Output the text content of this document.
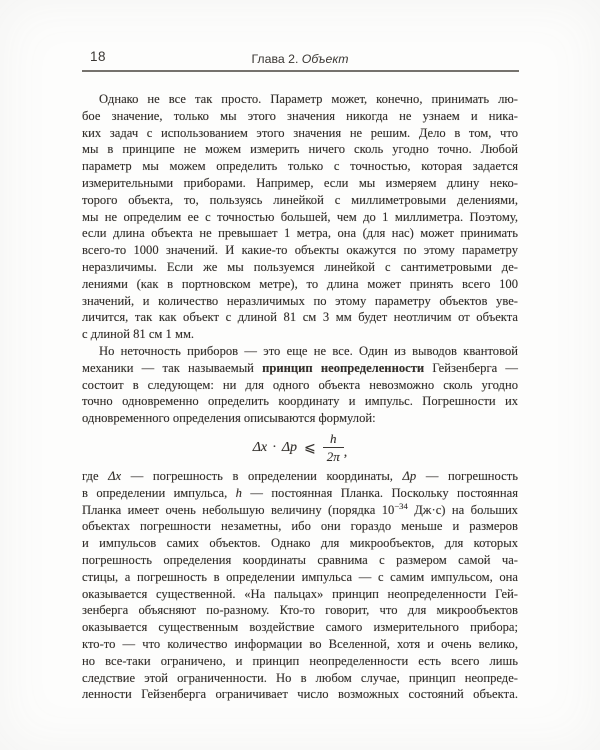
18	Глава 2. Объект
Однако не все так просто. Параметр может, конечно, принимать лю-
бое значение, только мы этого значения никогда не узнаем и ника-
ких задач с использованием этого значения не решим. Дело в том, что
мы в принципе не можем измерить ничего сколь угодно точно. Любой
параметр мы можем определить только с точностью, которая задается
измерительными приборами. Например, если мы измеряем длину неко-
торого объекта, то, пользуясь линейкой с миллиметровыми делениями,
мы не определим ее с точностью большей, чем до 1 миллиметра. Поэтому,
если длина объекта не превышает 1 метра, она (для нас) может принимать
всего-то 1000 значений. И какие-то объекты окажутся по этому параметру
неразличимы. Если же мы пользуемся линейкой с сантиметровыми де-
лениями (как в портновском метре), то длина может принять всего 100
значений, и количество неразличимых по этому параметру объектов уве-
личится, так как объект с длиной 81 см 3 мм будет неотличим от объекта
с длиной 81 см 1 мм.
Но неточность приборов — это еще не все. Один из выводов квантовой
механики — так называемый принцип неопределенности Гейзенберга —
состоит в следующем: ни для одного объекта невозможно сколь угодно
точно одновременно определить координату и импульс. Погрешности их
одновременного определения описываются формулой:
Δx · Δp ⩽ $\frac{h}{2\pi}$ ,
где Δx — погрешность в определении координаты, Δp — погрешность
в определении импульса, h — постоянная Планка. Поскольку постоянная
Планка имеет очень небольшую величину (порядка $10^{-34}$ Дж·с) на больших
объектах погрешности незаметны, ибо они гораздо меньше и размеров
и импульсов самих объектов. Однако для микрообъектов, для которых
погрешность определения координаты сравнима с размером самой ча-
стицы, а погрешность в определении импульса — с самим импульсом, она
оказывается существенной. «На пальцах» принцип неопределенности Гей-
зенберга объясняют по-разному. Кто-то говорит, что для микрообъектов
оказывается существенным воздействие самого измерительного прибора;
кто-то — что количество информации во Вселенной, хотя и очень велико,
но все-таки ограничено, и принцип неопределенности есть всего лишь
следствие этой ограниченности. Но в любом случае, принцип неопреде-
ленности Гейзенберга ограничивает число возможных состояний объекта.
